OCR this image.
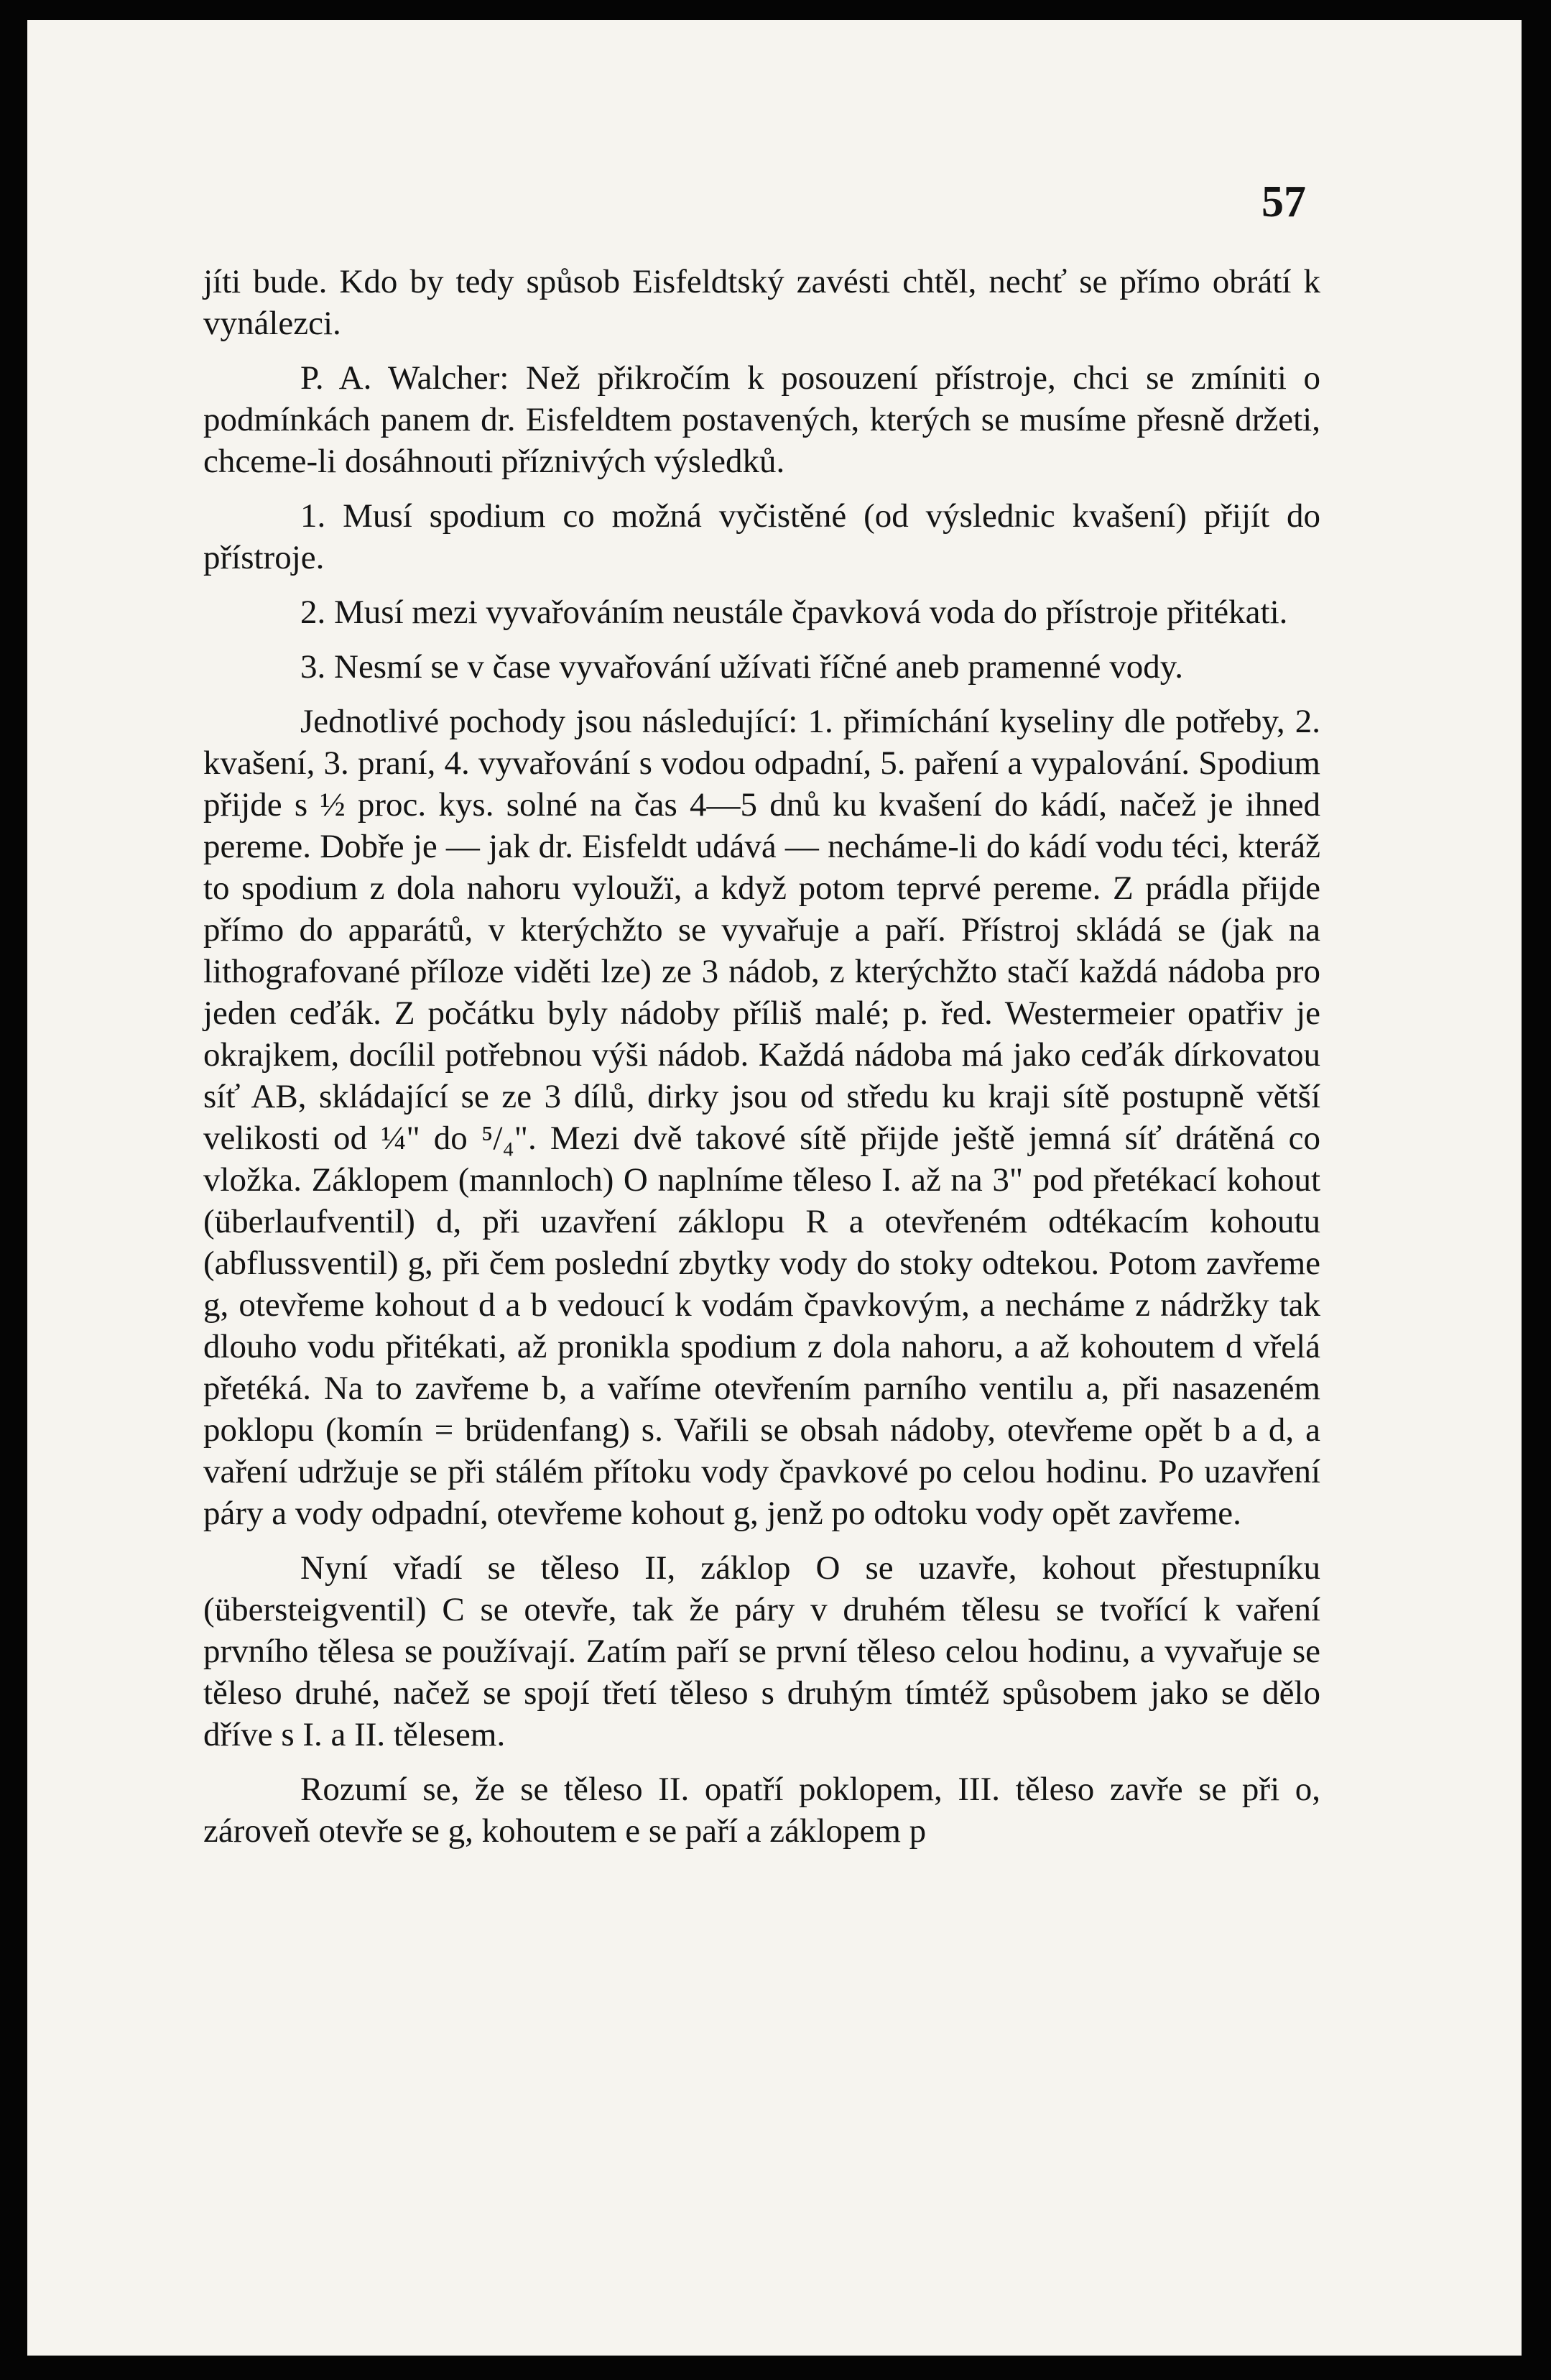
57

jíti bude. Kdo by tedy spůsob Eisfeldtský zavésti chtěl, nechť se přímo obrátí k vynálezci.

P. A. Walcher: Než přikročím k posouzení přístroje, chci se zmíniti o podmínkách panem dr. Eisfeldtem postavených, kterých se musíme přesně držeti, chceme-li dosáhnouti příznivých výsledků.

1. Musí spodium co možná vyčistěné (od výslednic kvašení) přijít do přístroje.

2. Musí mezi vyvařováním neustále čpavková voda do přístroje přitékati.

3. Nesmí se v čase vyvařování užívati říčné aneb pramenné vody.

Jednotlivé pochody jsou následující: 1. přimíchání kyseliny dle potřeby, 2. kvašení, 3. praní, 4. vyvařování s vodou odpadní, 5. paření a vypalování. Spodium přijde s ½ proc. kys. solné na čas 4—5 dnů ku kvašení do kádí, načež je ihned pereme. Dobře je — jak dr. Eisfeldt udává — necháme-li do kádí vodu téci, kteráž to spodium z dola nahoru vyloužï, a když potom teprvé pereme. Z prádla přijde přímo do apparátů, v kterýchžto se vyvařuje a paří. Přístroj skládá se (jak na lithografované příloze viděti lze) ze 3 nádob, z kterýchžto stačí každá nádoba pro jeden ceďák. Z počátku byly nádoby příliš malé; p. řed. Westermeier opatřiv je okrajkem, docílil potřebnou výši nádob. Každá nádoba má jako ceďák dírkovatou síť AB, skládající se ze 3 dílů, dirky jsou od středu ku kraji sítě postupně větší velikosti od ¼" do ⁵/₄". Mezi dvě takové sítě přijde ještě jemná síť drátěná co vložka. Záklopem (mannloch) O naplníme těleso I. až na 3" pod přetékací kohout (überlaufventil) d, při uzavření záklopu R a otevřeném odtékacím kohoutu (abflussventil) g, při čem poslední zbytky vody do stoky odtekou. Potom zavřeme g, otevřeme kohout d a b vedoucí k vodám čpavkovým, a necháme z nádržky tak dlouho vodu přitékati, až pronikla spodium z dola nahoru, a až kohoutem d vřelá přetéká. Na to zavřeme b, a vaříme otevřením parního ventilu a, při nasazeném poklopu (komín = brüdenfang) s. Vařili se obsah nádoby, otevřeme opět b a d, a vaření udržuje se při stálém přítoku vody čpavkové po celou hodinu. Po uzavření páry a vody odpadní, otevřeme kohout g, jenž po odtoku vody opět zavřeme.

Nyní vřadí se těleso II, záklop O se uzavře, kohout přestupníku (übersteigventil) C se otevře, tak že páry v druhém tělesu se tvořící k vaření prvního tělesa se používají. Zatím paří se první těleso celou hodinu, a vyvařuje se těleso druhé, načež se spojí třetí těleso s druhým tímtéž spůsobem jako se dělo dříve s I. a II. tělesem.

Rozumí se, že se těleso II. opatří poklopem, III. těleso zavře se při o, zároveň otevře se g, kohoutem e se paří a záklopem p
